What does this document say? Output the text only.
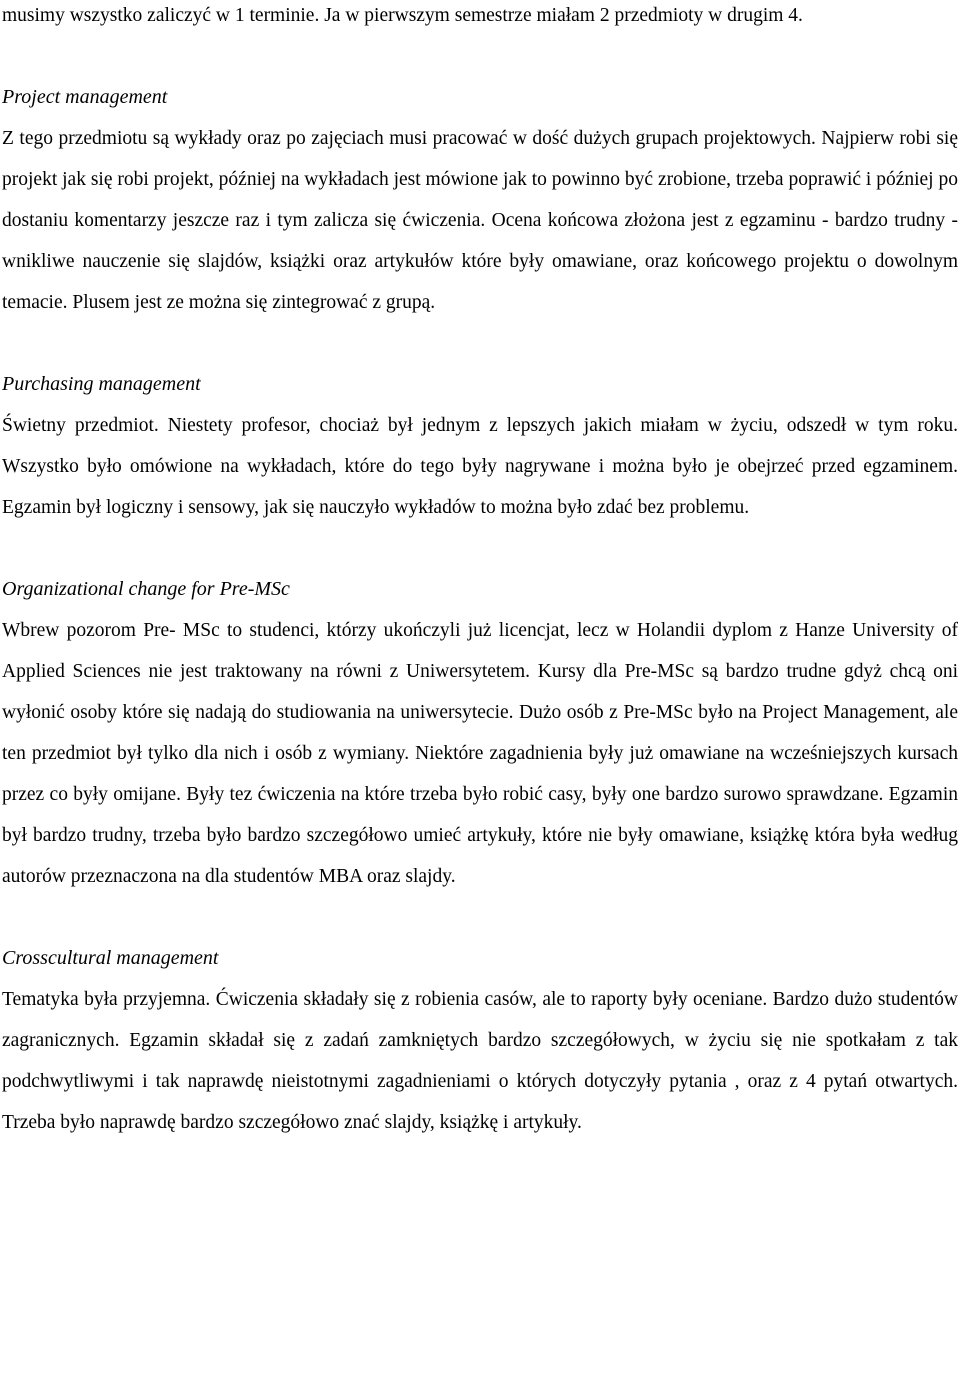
musimy wszystko zaliczyć w 1 terminie. Ja w pierwszym semestrze miałam 2 przedmioty w drugim 4.

Project management

Z tego przedmiotu są wykłady oraz po zajęciach musi pracować w dość dużych grupach projektowych. Najpierw robi się projekt jak się robi projekt, później na wykładach jest mówione jak to powinno być zrobione, trzeba poprawić i później po dostaniu komentarzy jeszcze raz i tym zalicza się ćwiczenia. Ocena końcowa złożona jest z egzaminu - bardzo trudny - wnikliwe nauczenie się slajdów, książki oraz artykułów które były omawiane, oraz końcowego projektu o dowolnym temacie. Plusem jest ze można się zintegrować z grupą.

Purchasing management

Świetny przedmiot. Niestety profesor, chociaż był jednym z lepszych jakich miałam w życiu, odszedł w tym roku. Wszystko było omówione na wykładach, które do tego były nagrywane i można było je obejrzeć przed egzaminem. Egzamin był logiczny i sensowy, jak się nauczyło wykładów to można było zdać bez problemu.

Organizational change for Pre-MSc

Wbrew pozorom Pre- MSc to studenci, którzy ukończyli już licencjat, lecz w Holandii dyplom z Hanze University of Applied Sciences nie jest traktowany na równi z Uniwersytetem. Kursy dla Pre-MSc są bardzo trudne gdyż chcą oni wyłonić osoby które się nadają do studiowania na uniwersytecie. Dużo osób z Pre-MSc było na Project Management, ale ten przedmiot był tylko dla nich i osób z wymiany. Niektóre zagadnienia były już omawiane na wcześniejszych kursach przez co były omijane. Były tez ćwiczenia na które trzeba było robić casy, były one bardzo surowo sprawdzane. Egzamin był bardzo trudny, trzeba było bardzo szczegółowo umieć artykuły, które nie były omawiane, książkę która była według autorów przeznaczona na dla studentów MBA oraz slajdy.

Crosscultural management

Tematyka była przyjemna. Ćwiczenia składały się z robienia casów, ale to raporty były oceniane. Bardzo dużo studentów zagranicznych. Egzamin składał się z zadań zamkniętych bardzo szczegółowych, w życiu się nie spotkałam z tak podchwytliwymi i tak naprawdę nieistotnymi zagadnieniami o których dotyczyły pytania , oraz z 4 pytań otwartych. Trzeba było naprawdę bardzo szczegółowo znać slajdy, książkę i artykuły.
